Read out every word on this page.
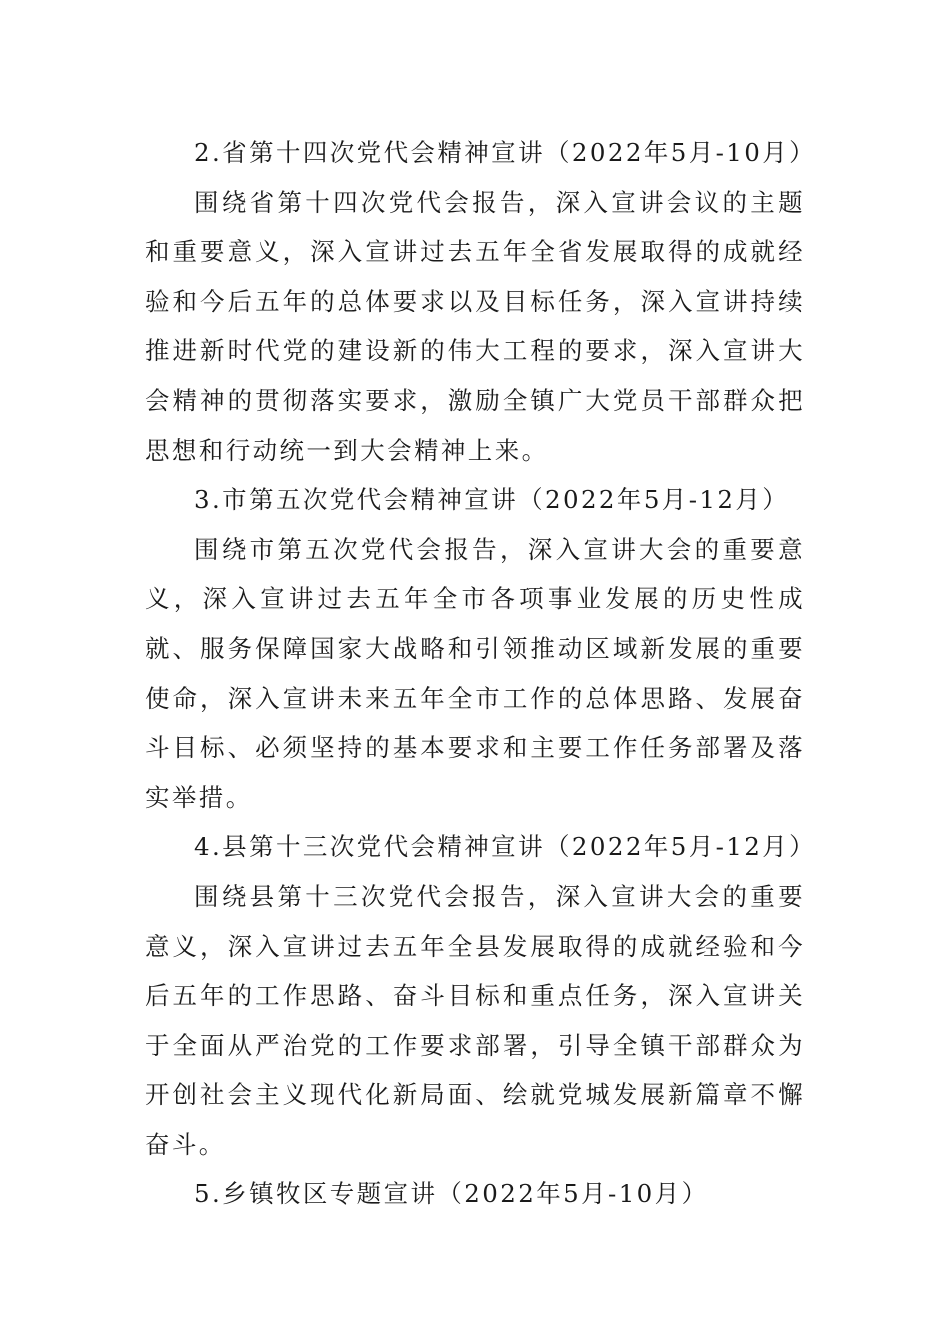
2.省第十四次党代会精神宣讲（2022年5月-10月）

围绕省第十四次党代会报告，深入宣讲会议的主题和重要意义，深入宣讲过去五年全省发展取得的成就经验和今后五年的总体要求以及目标任务，深入宣讲持续推进新时代党的建设新的伟大工程的要求，深入宣讲大会精神的贯彻落实要求，激励全镇广大党员干部群众把思想和行动统一到大会精神上来。

3.市第五次党代会精神宣讲（2022年5月-12月）

围绕市第五次党代会报告，深入宣讲大会的重要意义，深入宣讲过去五年全市各项事业发展的历史性成就、服务保障国家大战略和引领推动区域新发展的重要使命，深入宣讲未来五年全市工作的总体思路、发展奋斗目标、必须坚持的基本要求和主要工作任务部署及落实举措。

4.县第十三次党代会精神宣讲（2022年5月-12月）

围绕县第十三次党代会报告，深入宣讲大会的重要意义，深入宣讲过去五年全县发展取得的成就经验和今后五年的工作思路、奋斗目标和重点任务，深入宣讲关于全面从严治党的工作要求部署，引导全镇干部群众为开创社会主义现代化新局面、绘就党城发展新篇章不懈奋斗。

5.乡镇牧区专题宣讲（2022年5月-10月）
